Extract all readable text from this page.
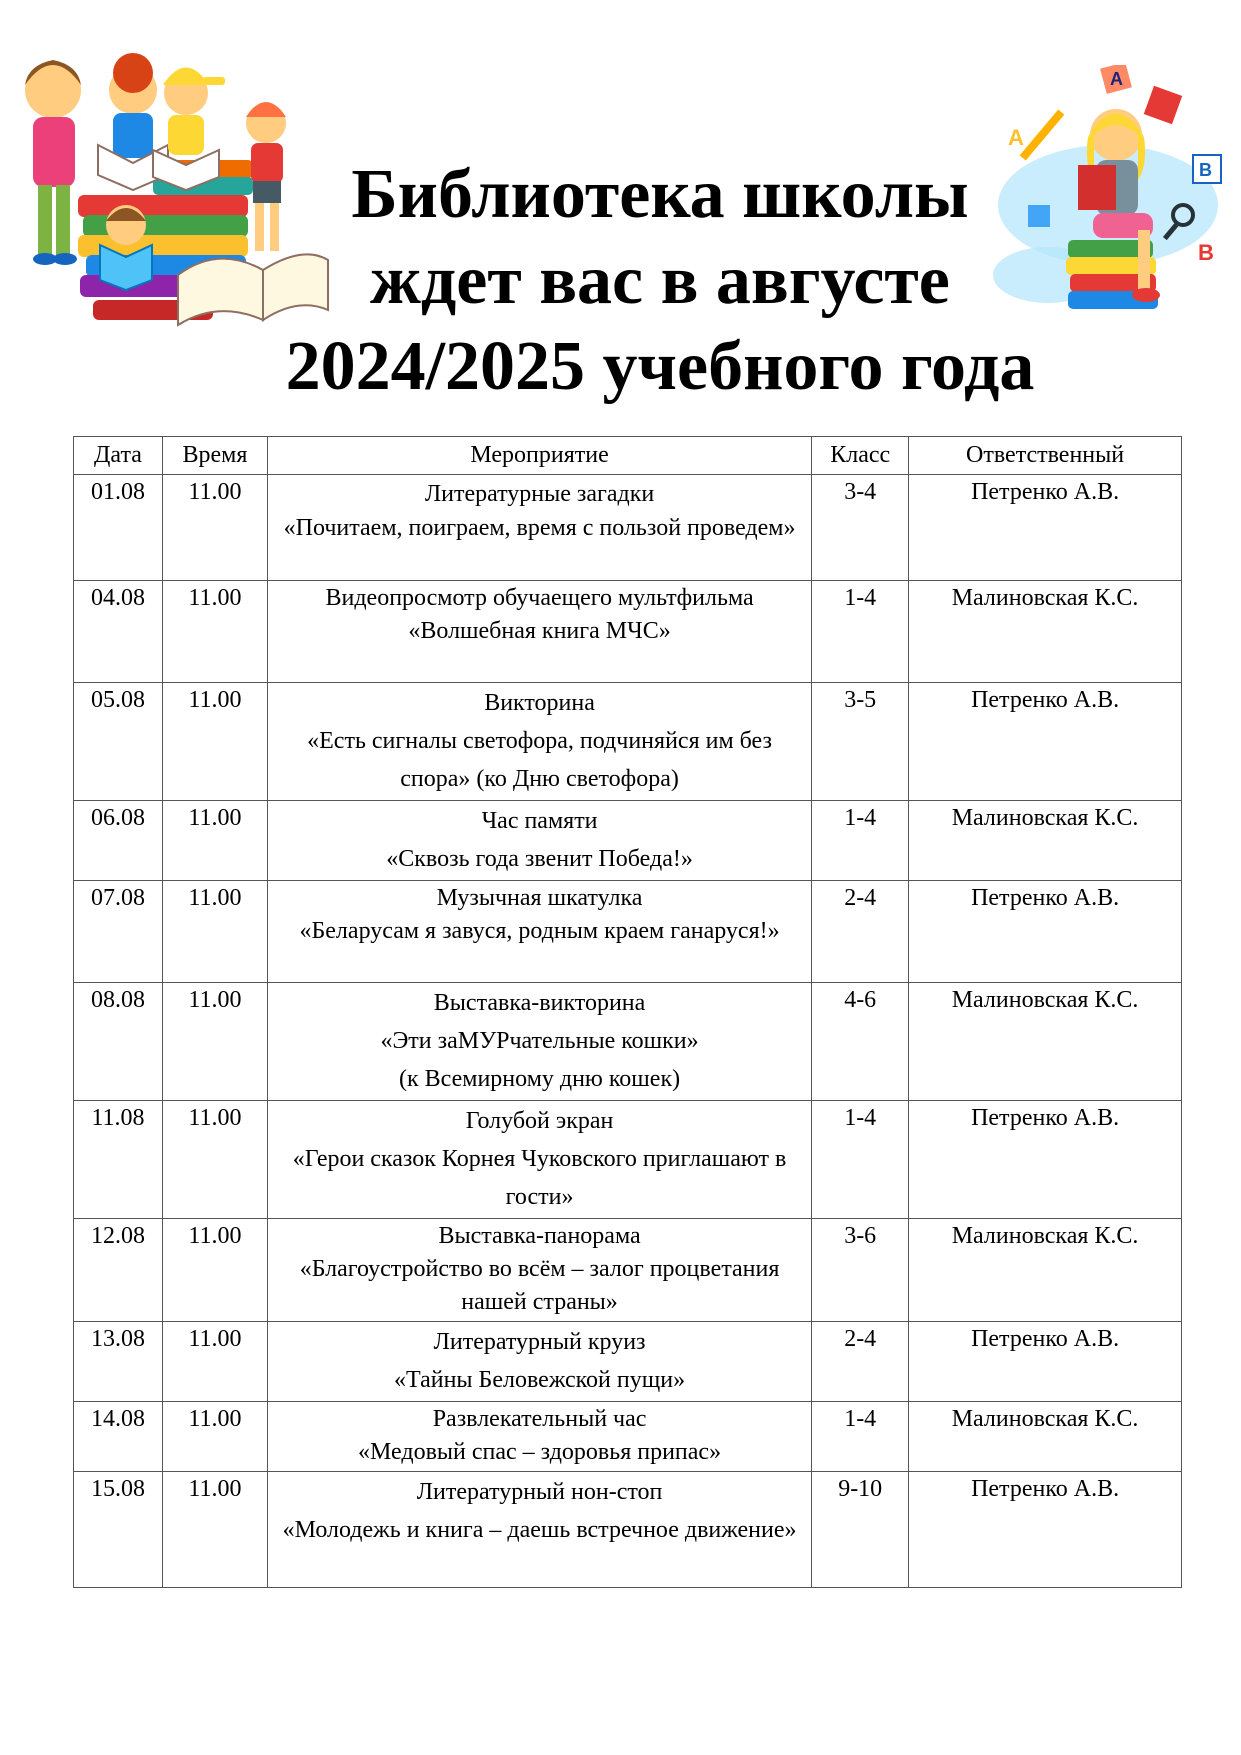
Библиотека школы
ждет вас в августе
2024/2025 учебного года
A
B
A
B
Дата	Время	Мероприятие	Класс	Ответственный
01.08	11.00	Литературные загадки
«Почитаем, поиграем, время с пользой проведем»	3-4	Петренко А.В.
04.08	11.00	Видеопросмотр обучаещего мультфильма
«Волшебная книга МЧС»	1-4	Малиновская К.С.
05.08	11.00	Викторина
«Есть сигналы светофора, подчиняйся им без спора» (ко Дню светофора)	3-5	Петренко А.В.
06.08	11.00	Час памяти
«Сквозь года звенит Победа!»	1-4	Малиновская К.С.
07.08	11.00	Музычная шкатулка
«Беларусам я завуся, родным краем ганаруся!»	2-4	Петренко А.В.
08.08	11.00	Выставка-викторина
«Эти заМУРчательные кошки»
(к Всемирному дню кошек)	4-6	Малиновская К.С.
11.08	11.00	Голубой экран
«Герои сказок Корнея Чуковского приглашают в гости»	1-4	Петренко А.В.
12.08	11.00	Выставка-панорама
«Благоустройство во всём – залог процветания нашей страны»	3-6	Малиновская К.С.
13.08	11.00	Литературный круиз
«Тайны Беловежской пущи»	2-4	Петренко А.В.
14.08	11.00	Развлекательный час
«Медовый спас – здоровья припас»	1-4	Малиновская К.С.
15.08	11.00	Литературный нон-стоп
«Молодежь и книга – даешь встречное движение»	9-10	Петренко А.В.
